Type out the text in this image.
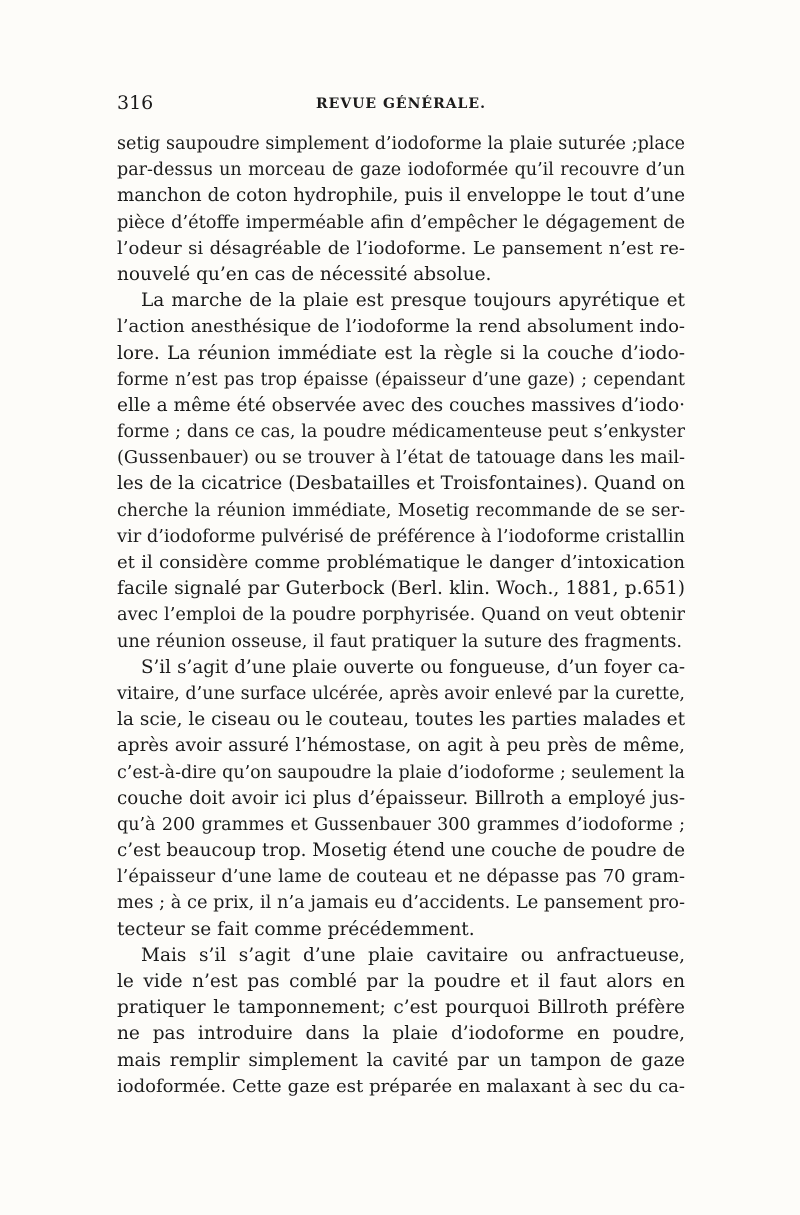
316	REVUE GÉNÉRALE.
setig saupoudre simplement d’iodoforme la plaie suturée ;place
par-dessus un morceau de gaze iodoformée qu’il recouvre d’un
manchon de coton hydrophile, puis il enveloppe le tout d’une
pièce d’étoffe imperméable afin d’empêcher le dégagement de
l’odeur si désagréable de l’iodoforme. Le pansement n’est re-
nouvelé qu’en cas de nécessité absolue.
La marche de la plaie est presque toujours apyrétique et
l’action anesthésique de l’iodoforme la rend absolument indo-
lore. La réunion immédiate est la règle si la couche d’iodo-
forme n’est pas trop épaisse (épaisseur d’une gaze) ; cependant
elle a même été observée avec des couches massives d’iodo·
forme ; dans ce cas, la poudre médicamenteuse peut s’enkyster
(Gussenbauer) ou se trouver à l’état de tatouage dans les mail-
les de la cicatrice (Desbatailles et Troisfontaines). Quand on
cherche la réunion immédiate, Mosetig recommande de se ser-
vir d’iodoforme pulvérisé de préférence à l’iodoforme cristallin
et il considère comme problématique le danger d’intoxication
facile signalé par Guterbock (Berl. klin. Woch., 1881, p.651)
avec l’emploi de la poudre porphyrisée. Quand on veut obtenir
une réunion osseuse, il faut pratiquer la suture des fragments.
S’il s’agit d’une plaie ouverte ou fongueuse, d’un foyer ca-
vitaire, d’une surface ulcérée, après avoir enlevé par la curette,
la scie, le ciseau ou le couteau, toutes les parties malades et
après avoir assuré l’hémostase, on agit à peu près de même,
c’est-à-dire qu’on saupoudre la plaie d’iodoforme ; seulement la
couche doit avoir ici plus d’épaisseur. Billroth a employé jus-
qu’à 200 grammes et Gussenbauer 300 grammes d’iodoforme ;
c’est beaucoup trop. Mosetig étend une couche de poudre de
l’épaisseur d’une lame de couteau et ne dépasse pas 70 gram-
mes ; à ce prix, il n’a jamais eu d’accidents. Le pansement pro-
tecteur se fait comme précédemment.
Mais s’il s’agit d’une plaie cavitaire ou anfractueuse,
le vide n’est pas comblé par la poudre et il faut alors en
pratiquer le tamponnement; c’est pourquoi Billroth préfère
ne pas introduire dans la plaie d’iodoforme en poudre,
mais remplir simplement la cavité par un tampon de gaze
iodoformée. Cette gaze est préparée en malaxant à sec du ca-
